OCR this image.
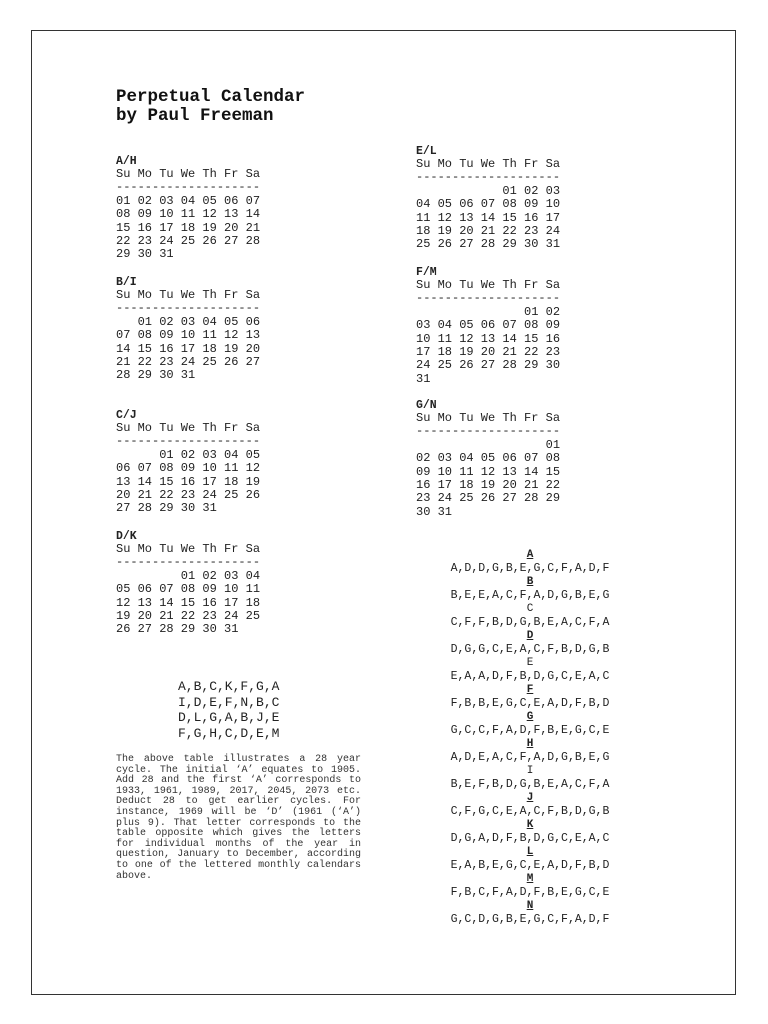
Perpetual Calendar
by Paul Freeman
A/H
Su Mo Tu We Th Fr Sa
--------------------
01 02 03 04 05 06 07
08 09 10 11 12 13 14
15 16 17 18 19 20 21
22 23 24 25 26 27 28
29 30 31
B/I
Su Mo Tu We Th Fr Sa
--------------------
01 02 03 04 05 06
07 08 09 10 11 12 13
14 15 16 17 18 19 20
21 22 23 24 25 26 27
28 29 30 31
C/J
Su Mo Tu We Th Fr Sa
--------------------
01 02 03 04 05
06 07 08 09 10 11 12
13 14 15 16 17 18 19
20 21 22 23 24 25 26
27 28 29 30 31
D/K
Su Mo Tu We Th Fr Sa
--------------------
01 02 03 04
05 06 07 08 09 10 11
12 13 14 15 16 17 18
19 20 21 22 23 24 25
26 27 28 29 30 31
E/L
Su Mo Tu We Th Fr Sa
--------------------
01 02 03
04 05 06 07 08 09 10
11 12 13 14 15 16 17
18 19 20 21 22 23 24
25 26 27 28 29 30 31
F/M
Su Mo Tu We Th Fr Sa
--------------------
01 02
03 04 05 06 07 08 09
10 11 12 13 14 15 16
17 18 19 20 21 22 23
24 25 26 27 28 29 30
31
G/N
Su Mo Tu We Th Fr Sa
--------------------
01
02 03 04 05 06 07 08
09 10 11 12 13 14 15
16 17 18 19 20 21 22
23 24 25 26 27 28 29
30 31
A,B,C,K,F,G,A
I,D,E,F,N,B,C
D,L,G,A,B,J,E
F,G,H,C,D,E,M
The above table illustrates a 28 year cycle. The initial ‘A’ equates to 1905. Add 28 and the first ‘A’ corresponds to 1933, 1961, 1989, 2017, 2045, 2073 etc. Deduct 28 to get earlier cycles. For instance, 1969 will be ‘D’ (1961 (‘A’) plus 9). That letter corresponds to the table opposite which gives the letters for individual months of the year in question, January to December, according to one of the lettered monthly calendars above.
A
A,D,D,G,B,E,G,C,F,A,D,F
B
B,E,E,A,C,F,A,D,G,B,E,G
C
C,F,F,B,D,G,B,E,A,C,F,A
D
D,G,G,C,E,A,C,F,B,D,G,B
E
E,A,A,D,F,B,D,G,C,E,A,C
F
F,B,B,E,G,C,E,A,D,F,B,D
G
G,C,C,F,A,D,F,B,E,G,C,E
H
A,D,E,A,C,F,A,D,G,B,E,G
I
B,E,F,B,D,G,B,E,A,C,F,A
J
C,F,G,C,E,A,C,F,B,D,G,B
K
D,G,A,D,F,B,D,G,C,E,A,C
L
E,A,B,E,G,C,E,A,D,F,B,D
M
F,B,C,F,A,D,F,B,E,G,C,E
N
G,C,D,G,B,E,G,C,F,A,D,F
